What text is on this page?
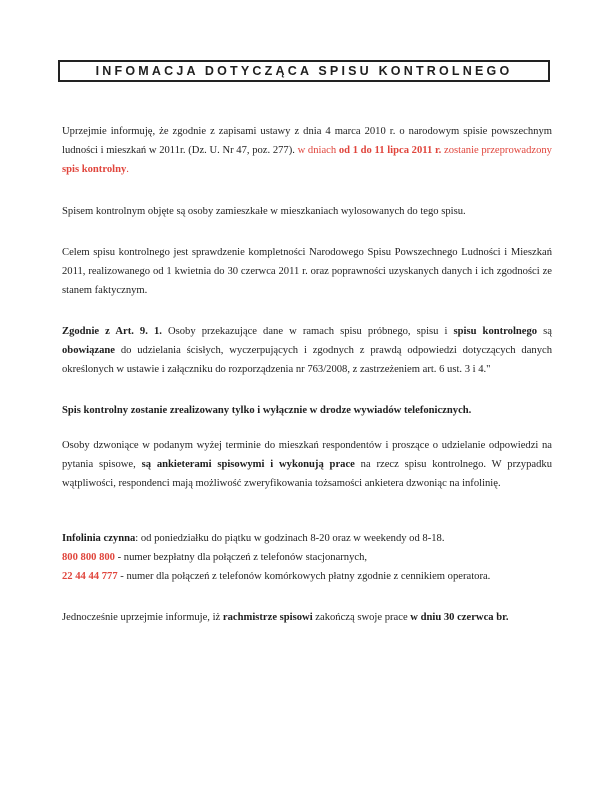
INFOMACJA DOTYCZĄCA SPISU KONTROLNEGO

Uprzejmie informuję, że zgodnie z zapisami ustawy z dnia 4 marca 2010 r. o narodowym spisie powszechnym ludności i mieszkań w 2011r. (Dz. U. Nr 47, poz. 277). w dniach od 1 do 11 lipca 2011 r. zostanie przeprowadzony spis kontrolny.

Spisem kontrolnym objęte są osoby zamieszkałe w mieszkaniach wylosowanych do tego spisu.

Celem spisu kontrolnego jest sprawdzenie kompletności Narodowego Spisu Powszechnego Ludności i Mieszkań 2011, realizowanego od 1 kwietnia do 30 czerwca 2011 r. oraz poprawności uzyskanych danych i ich zgodności ze stanem faktycznym.

Zgodnie z Art. 9. 1. Osoby przekazujące dane w ramach spisu próbnego, spisu i spisu kontrolnego są obowiązane do udzielania ścisłych, wyczerpujących i zgodnych z prawdą odpowiedzi dotyczących danych określonych w ustawie i załączniku do rozporządzenia nr 763/2008, z zastrzeżeniem art. 6 ust. 3 i 4."

Spis kontrolny zostanie zrealizowany tylko i wyłącznie w drodze wywiadów telefonicznych.

Osoby dzwoniące w podanym wyżej terminie do mieszkań respondentów i proszące o udzielanie odpowiedzi na pytania spisowe, są ankieterami spisowymi i wykonują prace na rzecz spisu kontrolnego. W przypadku wątpliwości, respondenci mają możliwość zweryfikowania tożsamości ankietera dzwoniąc na infolinię.

Infolinia czynna: od poniedziałku do piątku w godzinach 8-20 oraz w weekendy od 8-18.
800 800 800 - numer bezpłatny dla połączeń z telefonów stacjonarnych,
22 44 44 777 - numer dla połączeń z telefonów komórkowych płatny zgodnie z cennikiem operatora.

Jednocześnie uprzejmie informuje, iż rachmistrze spisowi zakończą swoje prace w dniu 30 czerwca br.
